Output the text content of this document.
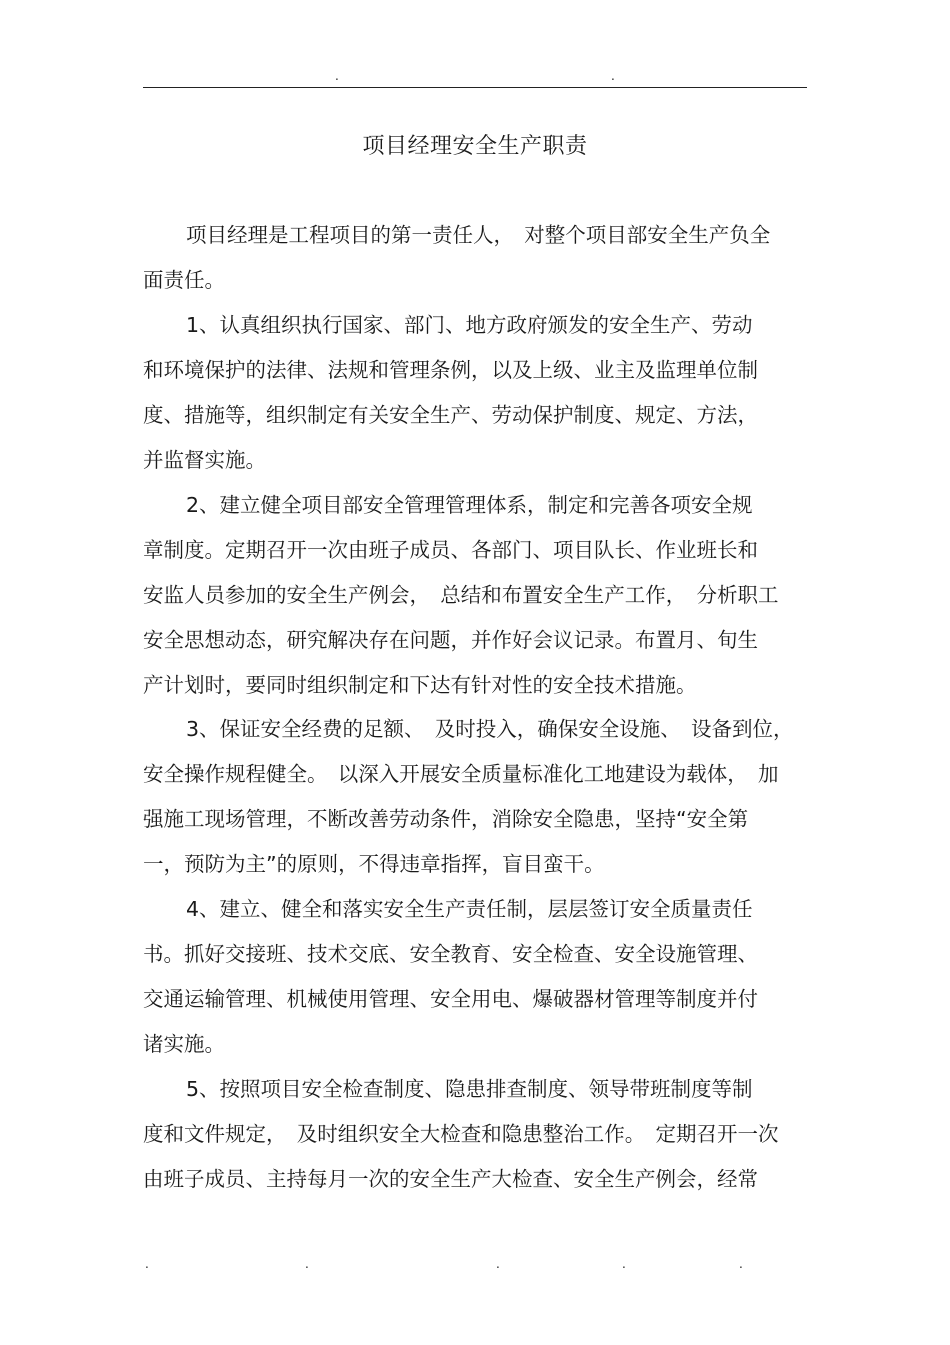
.	.
项目经理安全生产职责
项目经理是工程项目的第一责任人，　对整个项目部安全生产负全
面责任。
1、认真组织执行国家、部门、地方政府颁发的安全生产、劳动
和环境保护的法律、法规和管理条例，以及上级、业主及监理单位制
度、措施等，组织制定有关安全生产、劳动保护制度、规定、方法，
并监督实施。
2、建立健全项目部安全管理管理体系，制定和完善各项安全规
章制度。定期召开一次由班子成员、各部门、项目队长、作业班长和
安监人员参加的安全生产例会，　总结和布置安全生产工作，　分析职工
安全思想动态，研究解决存在问题，并作好会议记录。布置月、旬生
产计划时，要同时组织制定和下达有针对性的安全技术措施。
3、保证安全经费的足额、　及时投入，确保安全设施、　设备到位，
安全操作规程健全。　以深入开展安全质量标准化工地建设为载体，　加
强施工现场管理，不断改善劳动条件，消除安全隐患，坚持“安全第
一，预防为主”的原则，不得违章指挥，盲目蛮干。
4、建立、健全和落实安全生产责任制，层层签订安全质量责任
书。抓好交接班、技术交底、安全教育、安全检查、安全设施管理、
交通运输管理、机械使用管理、安全用电、爆破器材管理等制度并付
诸实施。
5、按照项目安全检查制度、隐患排查制度、领导带班制度等制
度和文件规定，　及时组织安全大检查和隐患整治工作。　定期召开一次
由班子成员、主持每月一次的安全生产大检查、安全生产例会，经常
.	.	.	.	.
